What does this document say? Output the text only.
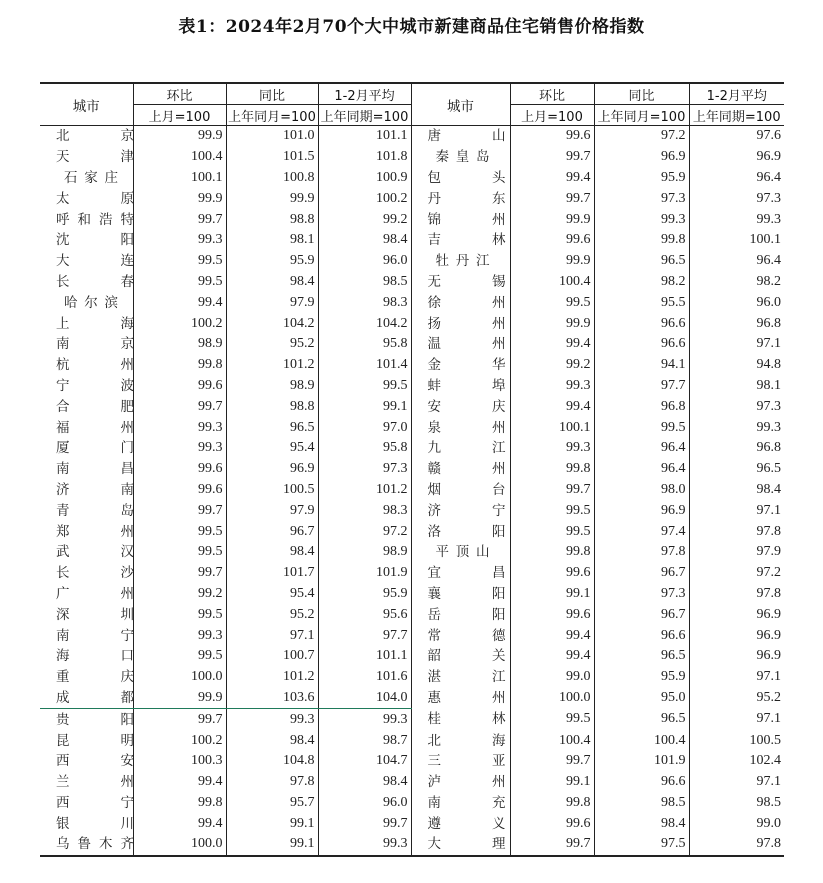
表1：2024年2月70个大中城市新建商品住宅销售价格指数
城市	环比	同比	1-2月平均	城市	环比	同比	1-2月平均
	上月=100	上年同月=100	上年同期=100		上月=100	上年同月=100	上年同期=100

北 京	99.9	101.0	101.1	唐 山	99.6	97.2	97.6

天 津	100.4	101.5	101.8	秦皇岛	99.7	96.9	96.9
石家庄	100.1	100.8	100.9	包 头	99.4	95.9	96.4

太 原	99.9	99.9	100.2	丹 东	99.7	97.3	97.3
呼和浩特	99.7	98.8	99.2	锦 州	99.9	99.3	99.3

沈 阳	99.3	98.1	98.4	吉 林	99.6	99.8	100.1

大 连	99.5	95.9	96.0	牡丹江	99.9	96.5	96.4

长 春	99.5	98.4	98.5	无 锡	100.4	98.2	98.2
哈尔滨	99.4	97.9	98.3	徐 州	99.5	95.5	96.0

上 海	100.2	104.2	104.2	扬 州	99.9	96.6	96.8

南 京	98.9	95.2	95.8	温 州	99.4	96.6	97.1

杭 州	99.8	101.2	101.4	金 华	99.2	94.1	94.8

宁 波	99.6	98.9	99.5	蚌 埠	99.3	97.7	98.1

合 肥	99.7	98.8	99.1	安 庆	99.4	96.8	97.3

福 州	99.3	96.5	97.0	泉 州	100.1	99.5	99.3

厦 门	99.3	95.4	95.8	九 江	99.3	96.4	96.8

南 昌	99.6	96.9	97.3	赣 州	99.8	96.4	96.5

济 南	99.6	100.5	101.2	烟 台	99.7	98.0	98.4

青 岛	99.7	97.9	98.3	济 宁	99.5	96.9	97.1

郑 州	99.5	96.7	97.2	洛 阳	99.5	97.4	97.8

武 汉	99.5	98.4	98.9	平顶山	99.8	97.8	97.9

长 沙	99.7	101.7	101.9	宜 昌	99.6	96.7	97.2

广 州	99.2	95.4	95.9	襄 阳	99.1	97.3	97.8

深 圳	99.5	95.2	95.6	岳 阳	99.6	96.7	96.9

南 宁	99.3	97.1	97.7	常 德	99.4	96.6	96.9

海 口	99.5	100.7	101.1	韶 关	99.4	96.5	96.9

重 庆	100.0	101.2	101.6	湛 江	99.0	95.9	97.1

成 都	99.9	103.6	104.0	惠 州	100.0	95.0	95.2

贵 阳	99.7	99.3	99.3	桂 林	99.5	96.5	97.1

昆 明	100.2	98.4	98.7	北 海	100.4	100.4	100.5

西 安	100.3	104.8	104.7	三 亚	99.7	101.9	102.4

兰 州	99.4	97.8	98.4	泸 州	99.1	96.6	97.1

西 宁	99.8	95.7	96.0	南 充	99.8	98.5	98.5

银 川	99.4	99.1	99.7	遵 义	99.6	98.4	99.0
乌鲁木齐	100.0	99.1	99.3	大 理	99.7	97.5	97.8
